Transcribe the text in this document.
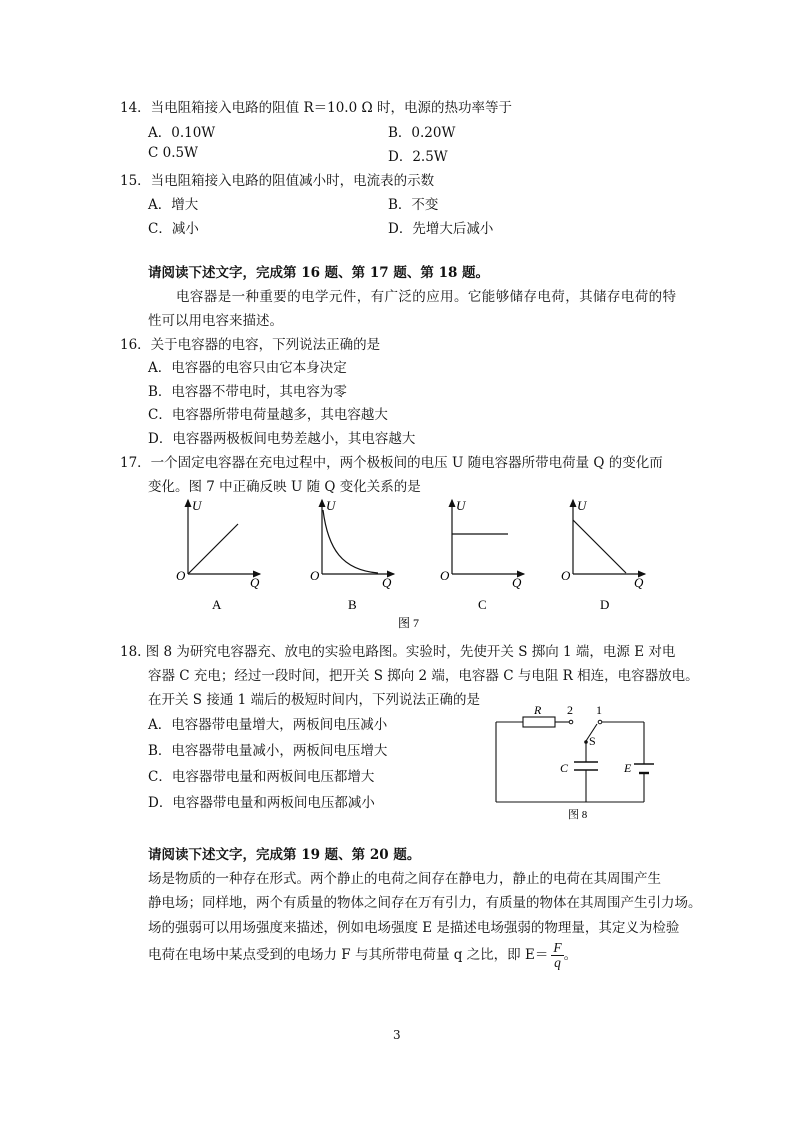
14．当电阻箱接入电路的阻值 R＝10.0 Ω 时，电源的热功率等于
A．0.10W	B．0.20W
C 0.5W	D．2.5W
15．当电阻箱接入电路的阻值减小时，电流表的示数
A．增大	B．不变
C．减小	D．先增大后减小
请阅读下述文字，完成第 16 题、第 17 题、第 18 题。
电容器是一种重要的电学元件，有广泛的应用。它能够储存电荷，其储存电荷的特
性可以用电容来描述。
16．关于电容器的电容，下列说法正确的是
A．电容器的电容只由它本身决定
B．电容器不带电时，其电容为零
C．电容器所带电荷量越多，其电容越大
D．电容器两极板间电势差越小，其电容越大
17．一个固定电容器在充电过程中，两个极板间的电压 U 随电容器所带电荷量 Q 的变化而
变化。图 7 中正确反映 U 随 Q 变化关系的是
U
O	Q
A
U
O	Q
B
U
O	Q
C
U
O	Q
D
图 7
18. 图 8 为研究电容器充、放电的实验电路图。实验时，先使开关 S 掷向 1 端，电源 E 对电
容器 C 充电；经过一段时间，把开关 S 掷向 2 端，电容器 C 与电阻 R 相连，电容器放电。
在开关 S 接通 1 端后的极短时间内，下列说法正确的是
A．电容器带电量增大，两板间电压减小
B．电容器带电量减小，两板间电压增大
C．电容器带电量和两板间电压都增大
D．电容器带电量和两板间电压都减小
R 2 1
S
C	E
图 8
请阅读下述文字，完成第 19 题、第 20 题。
场是物质的一种存在形式。两个静止的电荷之间存在静电力，静止的电荷在其周围产生
静电场；同样地，两个有质量的物体之间存在万有引力，有质量的物体在其周围产生引力场。
场的强弱可以用场强度来描述，例如电场强度 E 是描述电场强弱的物理量，其定义为检验
电荷在电场中某点受到的电场力 F 与其所带电荷量 q 之比，即 $E= \frac{F}{q}$ 。
3
